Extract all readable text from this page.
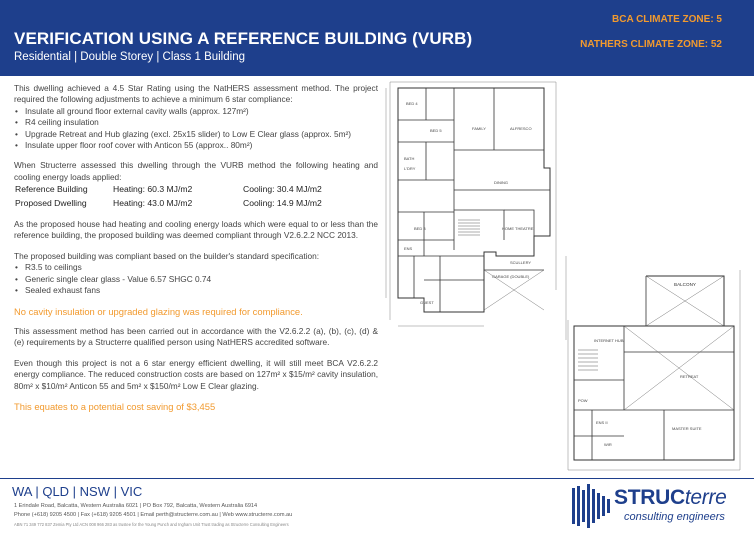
VERIFICATION USING A REFERENCE BUILDING (VURB)
Residential | Double Storey | Class 1 Building
BCA CLIMATE ZONE: 5
NATHERS CLIMATE ZONE: 52

This dwelling achieved a 4.5 Star Rating using the NatHERS assessment method. The project required the following adjustments to achieve a minimum 6 star compliance:

• Insulate all ground floor external cavity walls (approx. 127m²)
• R4 ceiling insulation
• Upgrade Retreat and Hub glazing (excl. 25x15 slider) to Low E Clear glass (approx. 5m²)
• Insulate upper floor roof cover with Anticon 55 (approx.. 80m²)

When Structerre assessed this dwelling through the VURB method the following heating and cooling energy loads applied:

Reference Building	Heating: 60.3 MJ/m2	Cooling: 30.4 MJ/m2
Proposed Dwelling	Heating: 43.0 MJ/m2	Cooling: 14.9 MJ/m2

As the proposed house had heating and cooling energy loads which were equal to or less than the reference building, the proposed building was deemed compliant through V2.6.2.2 NCC 2013.

The proposed building was compliant based on the builder's standard specification:

• R3.5 to ceilings
• Generic single clear glass - Value 6.57 SHGC 0.74
• Sealed exhaust fans

No cavity insulation or upgraded glazing was required for compliance.

This assessment method has been carried out in accordance with the V2.6.2.2 (a), (b), (c), (d) & (e) requirements by a Structerre qualified person using NatHERS accredited software.

Even though this project is not a 6 star energy efficient dwelling, it will still meet BCA V2.6.2.2 energy compliance. The reduced construction costs are based on 127m² x $15/m² cavity insulation, 80m² x $10/m² Anticon 55 and 5m² x $150/m² Low E Clear glazing.

This equates to a potential cost saving of $3,455

BED 4
BED 5
BATH
L'DRY
FAMILY	ALFRESCO
DINING
BED 3	HOME THEATRE
ENS
GARAGE (DOUBLE)
GUEST
BALCONY
INTERNET HUB
RETREAT
ENS II
WIR
MASTER SUITE
POW
SCULLERY
WA | QLD | NSW | VIC
1 Erindale Road, Balcatta, Western Australia 6021 | PO Box 792, Balcatta, Western Australia 6914
Phone (+618) 9205 4500 | Fax (+618) 9205 4501 | Email perth@structerre.com.au | Web www.structerre.com.au
ABN 71 349 772 837 Zemia Pty Ltd ACN 008 966 283 as trustee for the Young Punch and Ingham Unit Trust trading as Structerre Consulting Engineers
STRUCterre
consulting engineers
